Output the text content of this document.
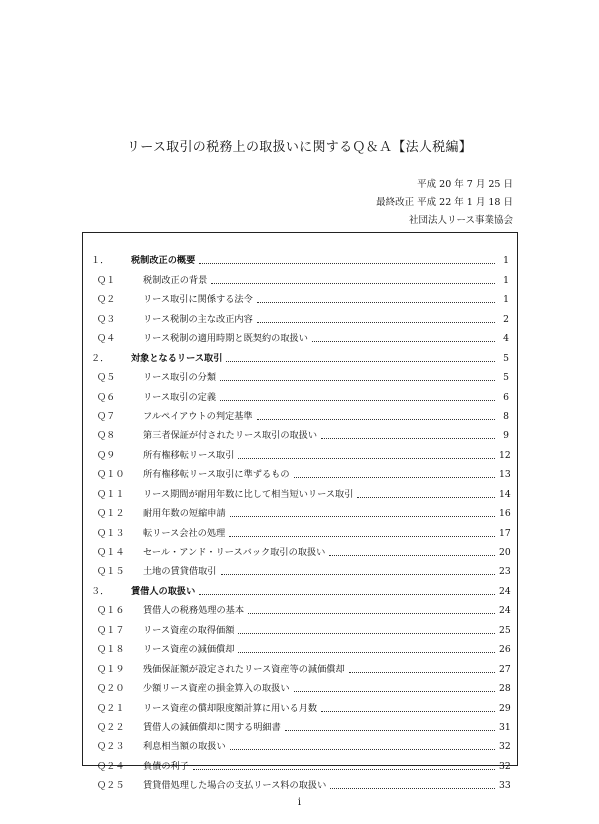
リース取引の税務上の取扱いに関するＱ＆Ａ【法人税編】
平成 20 年 7 月 25 日
最終改正 平成 22 年 1 月 18 日
社団法人リース事業協会
１．	税制改正の概要	1
Ｑ１	税制改正の背景	1
Ｑ２	リース取引に関係する法令	1
Ｑ３	リース税制の主な改正内容	2
Ｑ４	リース税制の適用時期と既契約の取扱い	4
２．	対象となるリース取引	5
Ｑ５	リース取引の分類	5
Ｑ６	リース取引の定義	6
Ｑ７	フルペイアウトの判定基準	8
Ｑ８	第三者保証が付されたリース取引の取扱い	9
Ｑ９	所有権移転リース取引	12
Ｑ１０	所有権移転リース取引に準ずるもの	13
Ｑ１１	リース期間が耐用年数に比して相当短いリース取引	14
Ｑ１２	耐用年数の短縮申請	16
Ｑ１３	転リース会社の処理	17
Ｑ１４	セール・アンド・リースバック取引の取扱い	20
Ｑ１５	土地の賃貸借取引	23
３．	賃借人の取扱い	24
Ｑ１６	賃借人の税務処理の基本	24
Ｑ１７	リース資産の取得価額	25
Ｑ１８	リース資産の減価償却	26
Ｑ１９	残価保証額が設定されたリース資産等の減価償却	27
Ｑ２０	少額リース資産の損金算入の取扱い	28
Ｑ２１	リース資産の償却限度額計算に用いる月数	29
Ｑ２２	賃借人の減価償却に関する明細書	31
Ｑ２３	利息相当額の取扱い	32
Ｑ２４	負債の利子	32
Ｑ２５	賃貸借処理した場合の支払リース料の取扱い	33
i
